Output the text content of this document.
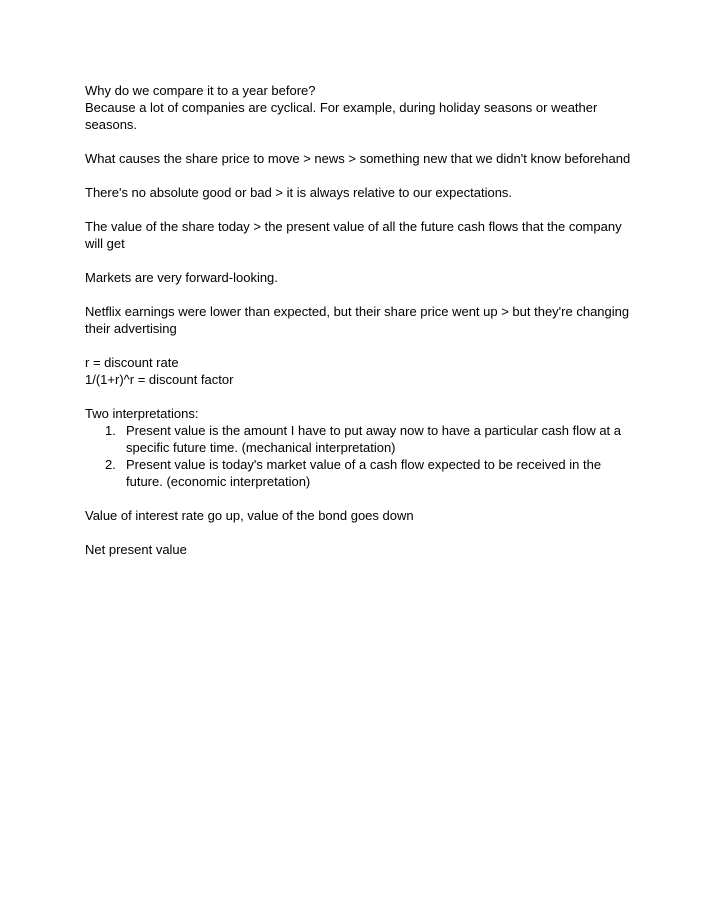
Why do we compare it to a year before?
Because a lot of companies are cyclical. For example, during holiday seasons or weather seasons.

What causes the share price to move > news > something new that we didn't know beforehand

There's no absolute good or bad > it is always relative to our expectations.

The value of the share today > the present value of all the future cash flows that the company will get

Markets are very forward-looking.

Netflix earnings were lower than expected, but their share price went up > but they're changing their advertising

r = discount rate
1/(1+r)^r = discount factor

Two interpretations:

1. Present value is the amount I have to put away now to have a particular cash flow at a specific future time. (mechanical interpretation)
2. Present value is today's market value of a cash flow expected to be received in the future. (economic interpretation)

Value of interest rate go up, value of the bond goes down

Net present value
